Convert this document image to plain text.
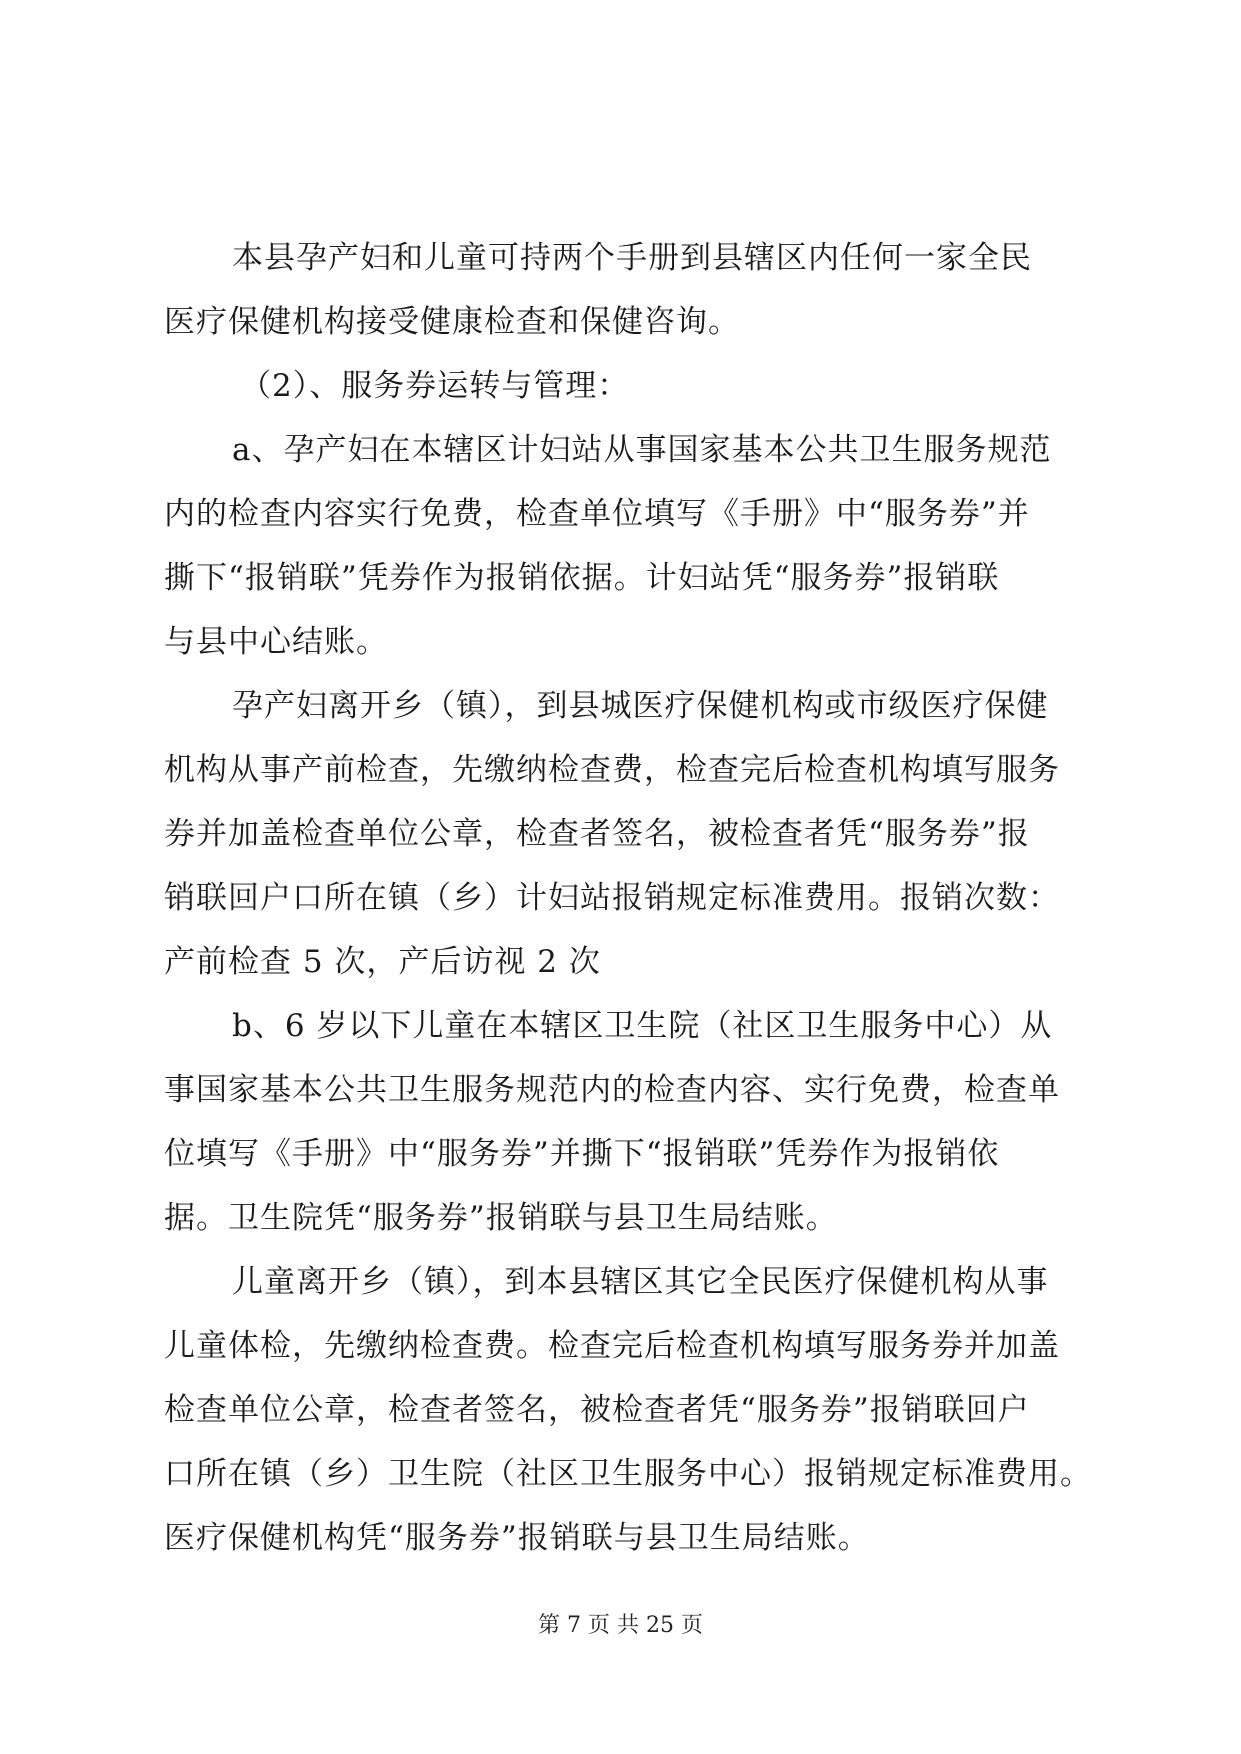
本县孕产妇和儿童可持两个手册到县辖区内任何一家全民
医疗保健机构接受健康检查和保健咨询。

（2）、服务券运转与管理：

a、孕产妇在本辖区计妇站从事国家基本公共卫生服务规范
内的检查内容实行免费，检查单位填写《手册》中“服务券”并
撕下“报销联”凭券作为报销依据。计妇站凭“服务券”报销联
与县中心结账。

孕产妇离开乡（镇），到县城医疗保健机构或市级医疗保健
机构从事产前检查，先缴纳检查费，检查完后检查机构填写服务
券并加盖检查单位公章，检查者签名，被检查者凭“服务券”报
销联回户口所在镇（乡）计妇站报销规定标准费用。报销次数：
产前检查 5 次，产后访视 2 次

b、6 岁以下儿童在本辖区卫生院（社区卫生服务中心）从
事国家基本公共卫生服务规范内的检查内容、实行免费，检查单
位填写《手册》中“服务券”并撕下“报销联”凭券作为报销依
据。卫生院凭“服务券”报销联与县卫生局结账。

儿童离开乡（镇），到本县辖区其它全民医疗保健机构从事
儿童体检，先缴纳检查费。检查完后检查机构填写服务券并加盖
检查单位公章，检查者签名，被检查者凭“服务券”报销联回户
口所在镇（乡）卫生院（社区卫生服务中心）报销规定标准费用。
医疗保健机构凭“服务券”报销联与县卫生局结账。

第 7 页 共 25 页
